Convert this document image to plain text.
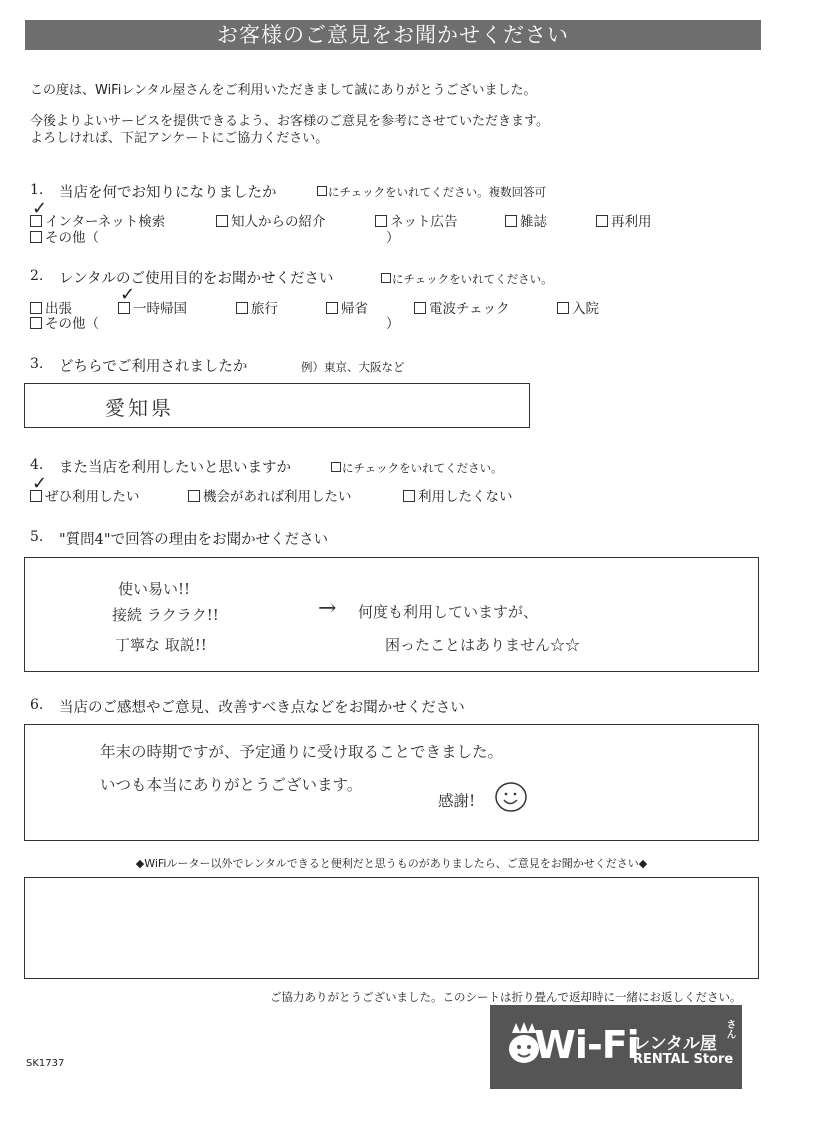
お客様のご意見をお聞かせください
この度は、WiFiレンタル屋さんをご利用いただきまして誠にありがとうございました。
今後よりよいサービスを提供できるよう、お客様のご意見を参考にさせていただきます。
よろしければ、下記アンケートにご協力ください。
1. 当店を何でお知りになりましたか	にチェックをいれてください。複数回答可
インターネット検索
✓
知人からの紹介	ネット広告	雑誌	再利用
その他（	）
2. レンタルのご使用目的をお聞かせください	にチェックをいれてください。
出張	一時帰国
✓
旅行	帰省	電波チェック	入院
その他（	）
3. どちらでご利用されましたか	例）東京、大阪など
愛知県
4. また当店を利用したいと思いますか	にチェックをいれてください。
ぜひ利用したい
✓
機会があれば利用したい	利用したくない
5. "質問4"で回答の理由をお聞かせください
使い易い!!
接続 ラクラク!!
丁寧な 取説!!
→ 何度も利用していますが、
困ったことはありません☆☆
6. 当店のご感想やご意見、改善すべき点などをお聞かせください
年末の時期ですが、予定通りに受け取ることできました。
いつも本当にありがとうございます。
感謝!
◆WiFiルーター以外でレンタルできると便利だと思うものがありましたら、ご意見をお聞かせください◆
ご協力ありがとうございました。このシートは折り畳んで返却時に一緒にお返しください。
SK1737	Wi-Fi
レンタル屋
さん
RENTAL Store
